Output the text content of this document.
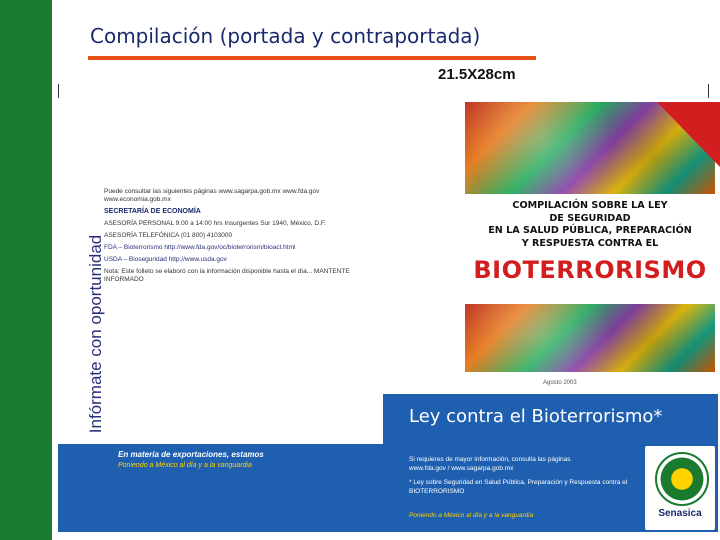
Compilación (portada y contraportada)
21.5X28cm
Infórmate con oportunidad
Puede consultar las siguientes páginas www.sagarpa.gob.mx www.fda.gov www.economia.gob.mx
SECRETARÍA DE ECONOMÍA
ASESORÍA PERSONAL 9:00 a 14:00 hrs Insurgentes Sur 1940, México, D.F.
ASESORÍA TELEFÓNICA (01 800) 4103000
FDA – Bioterrorismo http://www.fda.gov/oc/bioterrorism/bioact.html
USDA – Bioseguridad http://www.usda.gov
Nota: Este folleto se elaboró con la información disponible hasta el día... MANTENTE INFORMADO
En materia de exportaciones, estamos
Poniendo a México al día y a la vanguardia
COMPILACIÓN SOBRE LA LEY
DE SEGURIDAD
EN LA SALUD PÚBLICA, PREPARACIÓN
Y RESPUESTA CONTRA EL
BIOTERRORISMO
Agosto 2003
Ley contra el Bioterrorismo*
Si requieres de mayor información, consulta las páginas
www.fda.gov / www.sagarpa.gob.mx
* Ley sobre Seguridad en Salud Pública, Preparación y Respuesta contra el BIOTERRORISMO
Poniendo a México al día y a la vanguardia	Senasica
